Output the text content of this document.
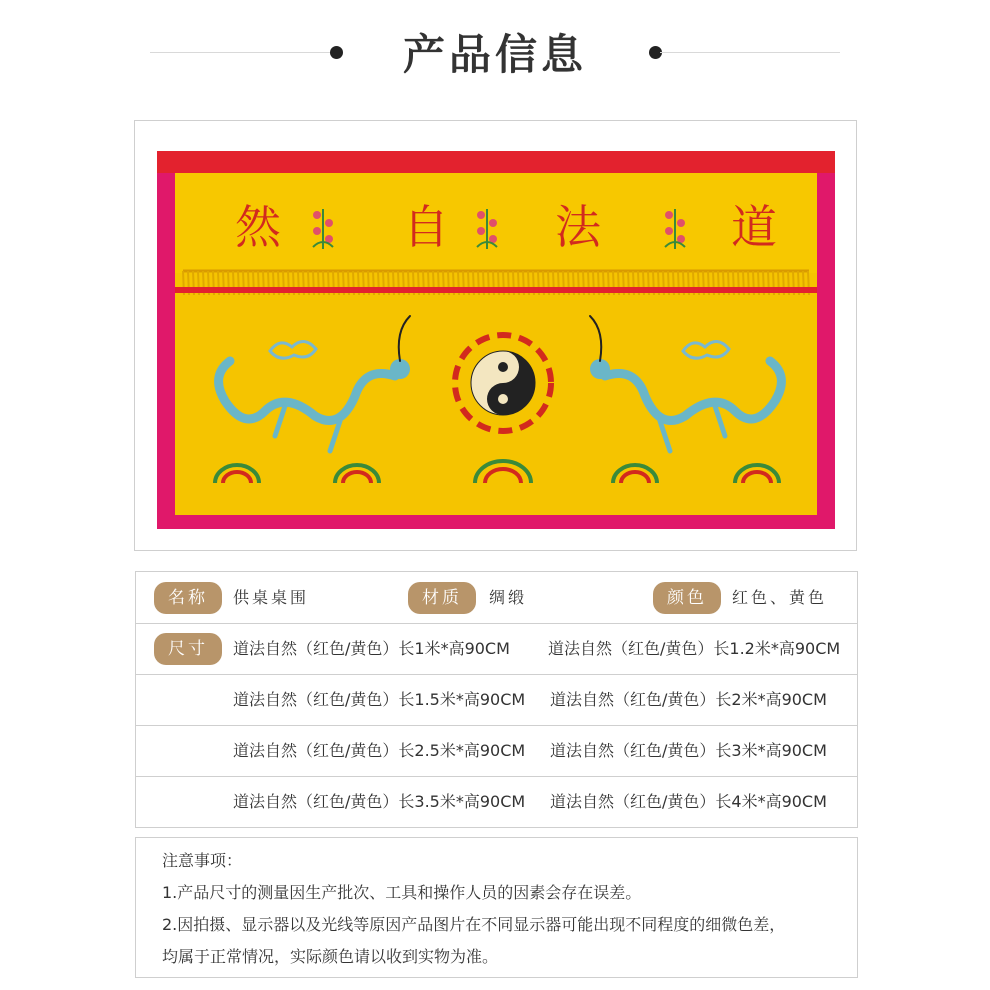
产品信息
然	自 法	道
名称	供桌桌围	材质	绸缎	颜色	红色、黄色
尺寸	道法自然（红色/黄色）长1米*高90CM 道法自然（红色/黄色）长1.2米*高90CM
道法自然（红色/黄色）长1.5米*高90CM 道法自然（红色/黄色）长2米*高90CM
道法自然（红色/黄色）长2.5米*高90CM 道法自然（红色/黄色）长3米*高90CM
道法自然（红色/黄色）长3.5米*高90CM 道法自然（红色/黄色）长4米*高90CM
注意事项：
1.产品尺寸的测量因生产批次、工具和操作人员的因素会存在误差。
2.因拍摄、显示器以及光线等原因产品图片在不同显示器可能出现不同程度的细微色差，
均属于正常情况，实际颜色请以收到实物为准。
